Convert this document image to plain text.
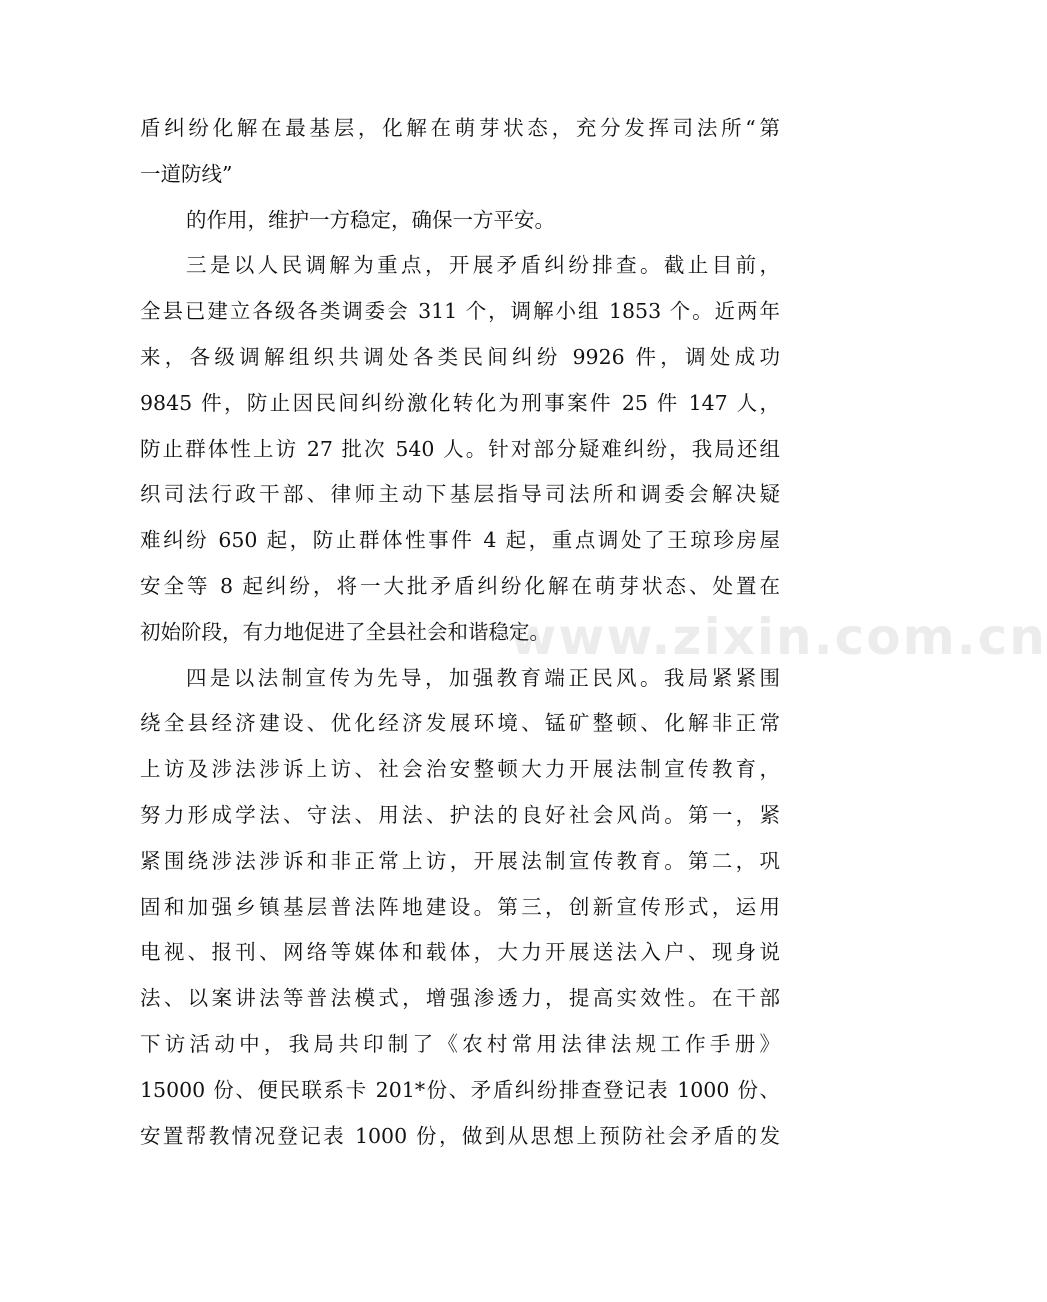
盾纠纷化解在最基层，化解在萌芽状态，充分发挥司法所“第
一道防线”
的作用，维护一方稳定，确保一方平安。
三是以人民调解为重点，开展矛盾纠纷排查。截止目前，
全县已建立各级各类调委会 311 个，调解小组 1853 个。近两年
来，各级调解组织共调处各类民间纠纷 9926 件，调处成功
9845 件，防止因民间纠纷激化转化为刑事案件 25 件 147 人，
防止群体性上访 27 批次 540 人。针对部分疑难纠纷，我局还组
织司法行政干部、律师主动下基层指导司法所和调委会解决疑
难纠纷 650 起，防止群体性事件 4 起，重点调处了王琼珍房屋
安全等 8 起纠纷，将一大批矛盾纠纷化解在萌芽状态、处置在
初始阶段，有力地促进了全县社会和谐稳定。
四是以法制宣传为先导，加强教育端正民风。我局紧紧围
绕全县经济建设、优化经济发展环境、锰矿整顿、化解非正常
上访及涉法涉诉上访、社会治安整顿大力开展法制宣传教育，
努力形成学法、守法、用法、护法的良好社会风尚。第一，紧
紧围绕涉法涉诉和非正常上访，开展法制宣传教育。第二，巩
固和加强乡镇基层普法阵地建设。第三，创新宣传形式，运用
电视、报刊、网络等媒体和载体，大力开展送法入户、现身说
法、以案讲法等普法模式，增强渗透力，提高实效性。在干部
下访活动中，我局共印制了《农村常用法律法规工作手册》
15000 份、便民联系卡 201*份、矛盾纠纷排查登记表 1000 份、
安置帮教情况登记表 1000 份，做到从思想上预防社会矛盾的发
www.zixin.com.cn
